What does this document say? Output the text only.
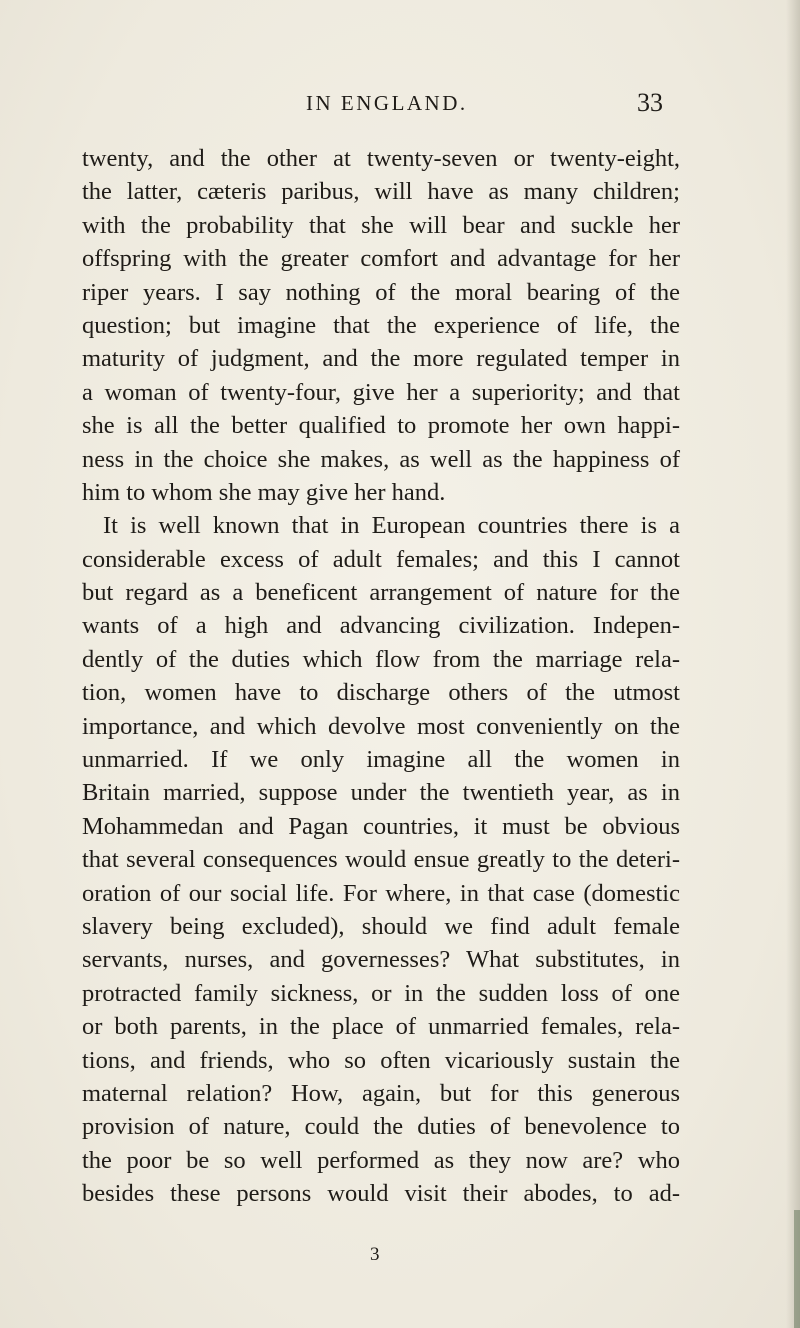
IN ENGLAND.	33
twenty, and the other at twenty-seven or twenty-eight,
the latter, cæteris paribus, will have as many children;
with the probability that she will bear and suckle her
offspring with the greater comfort and advantage for her
riper years. I say nothing of the moral bearing of the
question; but imagine that the experience of life, the
maturity of judgment, and the more regulated temper in
a woman of twenty-four, give her a superiority; and that
she is all the better qualified to promote her own happi-
ness in the choice she makes, as well as the happiness of
him to whom she may give her hand.
It is well known that in European countries there is a
considerable excess of adult females; and this I cannot
but regard as a beneficent arrangement of nature for the
wants of a high and advancing civilization. Indepen-
dently of the duties which flow from the marriage rela-
tion, women have to discharge others of the utmost
importance, and which devolve most conveniently on the
unmarried. If we only imagine all the women in
Britain married, suppose under the twentieth year, as in
Mohammedan and Pagan countries, it must be obvious
that several consequences would ensue greatly to the deteri-
oration of our social life. For where, in that case (domestic
slavery being excluded), should we find adult female
servants, nurses, and governesses? What substitutes, in
protracted family sickness, or in the sudden loss of one
or both parents, in the place of unmarried females, rela-
tions, and friends, who so often vicariously sustain the
maternal relation? How, again, but for this generous
provision of nature, could the duties of benevolence to
the poor be so well performed as they now are? who
besides these persons would visit their abodes, to ad-
3
